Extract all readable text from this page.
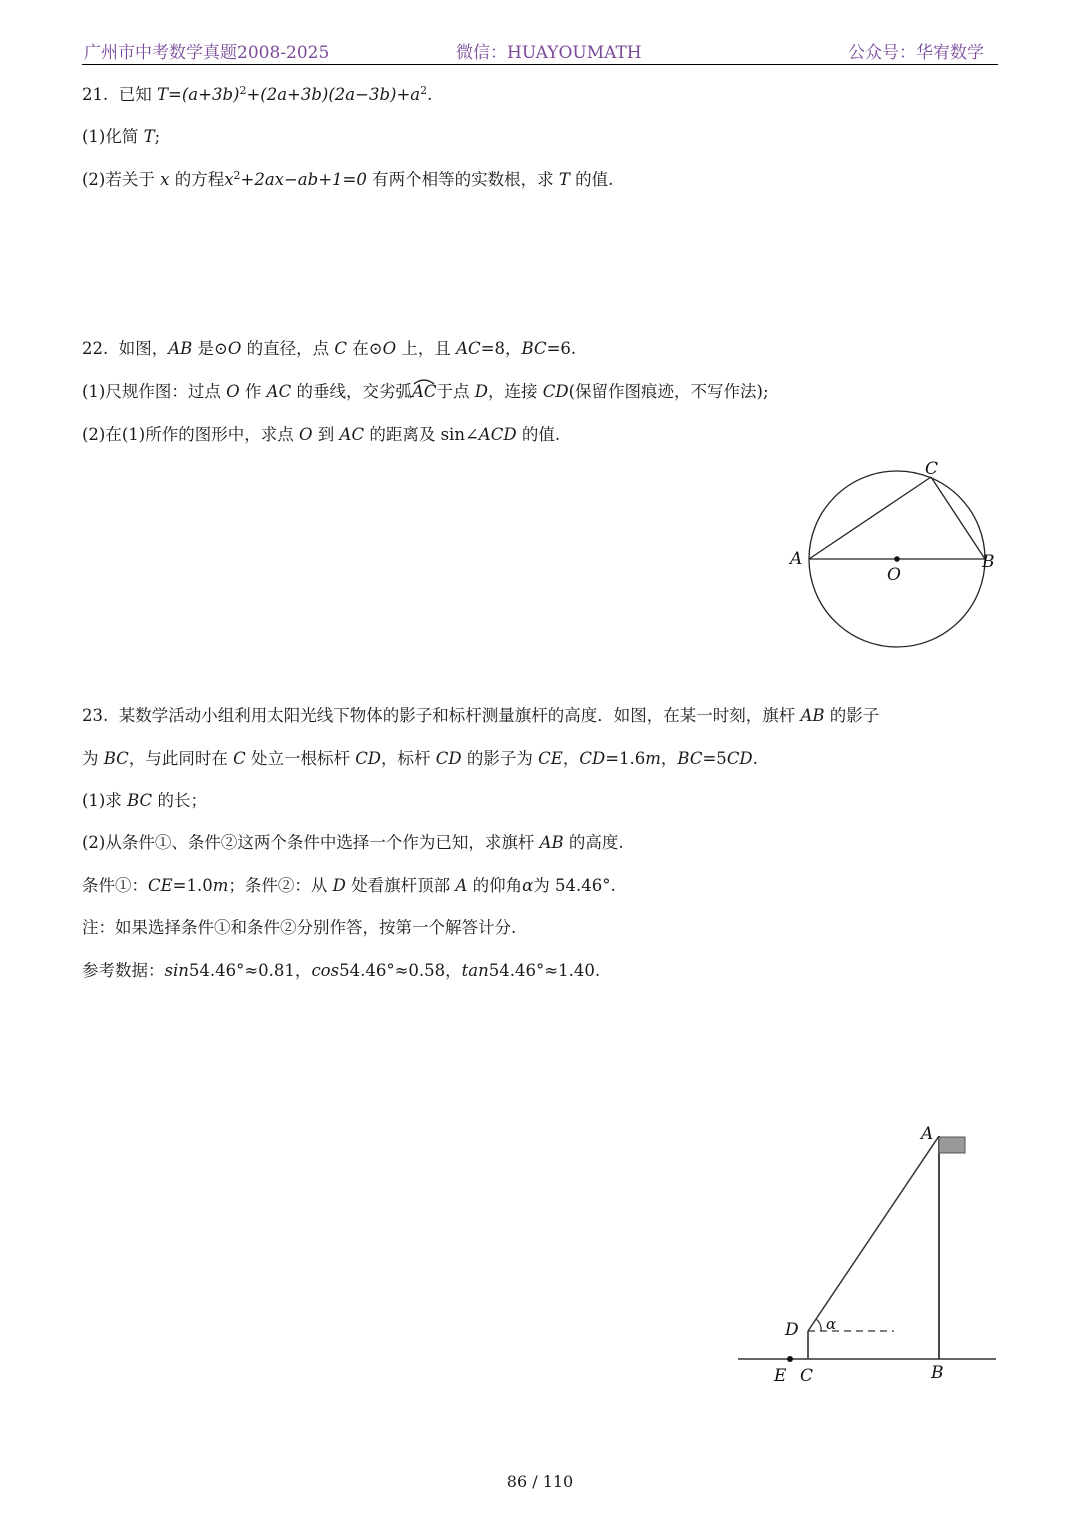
广州市中考数学真题2008-2025	微信：HUAYOUMATH	公众号：华宥数学
21. 已知 $T=(a+3b)^2+(2a+3b)(2a-3b)+a^2$.
(1)化简 T;
(2)若关于 x 的方程$x^2+2ax-ab+1=0$ 有两个相等的实数根，求 T 的值.
22. 如图，AB 是⊙O 的直径，点 C 在⊙O 上，且 AC=8，BC=6.
(1)尺规作图：过点 O 作 AC 的垂线，交劣弧
AC于点 D，连接 CD(保留作图痕迹，不写作法);
(2)在(1)所作的图形中，求点 O 到 AC 的距离及 sin∠ACD 的值.
A	B
C
O
23. 某数学活动小组利用太阳光线下物体的影子和标杆测量旗杆的高度．如图，在某一时刻，旗杆 AB 的影子
为 BC，与此同时在 C 处立一根标杆 CD，标杆 CD 的影子为 CE，CD=1.6m，BC=5CD.
(1)求 BC 的长；
(2)从条件①、条件②这两个条件中选择一个作为已知，求旗杆 AB 的高度.
条件①：CE=1.0m；条件②：从 D 处看旗杆顶部 A 的仰角α为 54.46°.
注：如果选择条件①和条件②分别作答，按第一个解答计分.
参考数据：sin54.46°≈0.81，cos54.46°≈0.58，tan54.46°≈1.40.
A
B
C
D
E
α
86 / 110
